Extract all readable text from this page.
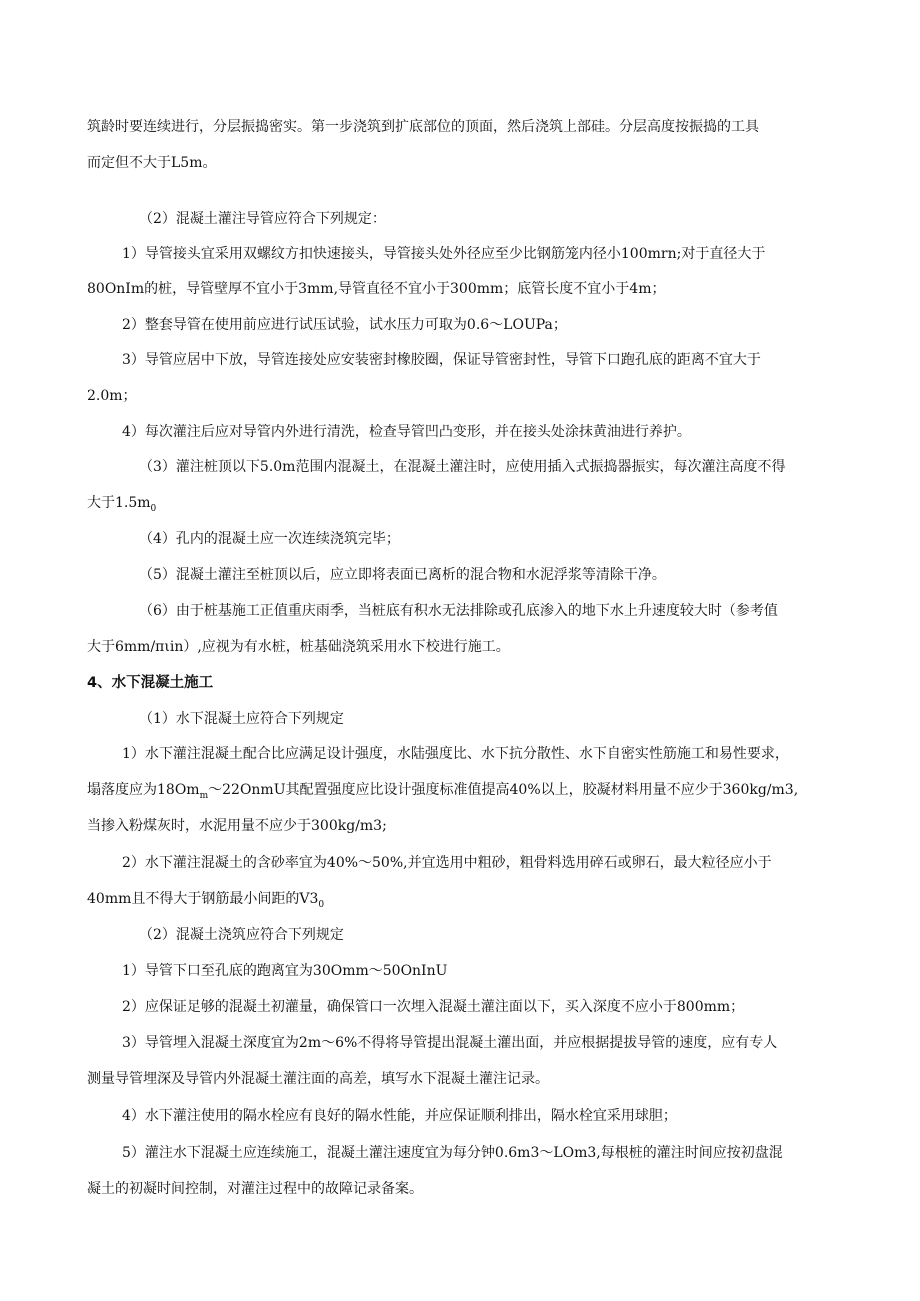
筑龄时要连续进行，分层振捣密实。第一步浇筑到扩底部位的顶面，然后浇筑上部硅。分层高度按振捣的工具
而定但不大于L5m。
（2）混凝土灌注导管应符合下列规定：
1）导管接头宜采用双螺纹方扣快速接头，导管接头处外径应至少比钢筋笼内径小100mrn;对于直径大于
80OnIm的桩，导管壁厚不宜小于3mm,导管直径不宜小于300mm；底管长度不宜小于4m；
2）整套导管在使用前应进行试压试验，试水压力可取为0.6～LOUPa；
3）导管应居中下放，导管连接处应安装密封橡胶圈，保证导管密封性，导管下口跑孔底的距离不宜大于
2.0m；
4）每次灌注后应对导管内外进行清洗，检查导管凹凸变形，并在接头处涂抹黄油进行养护。
（3）灌注桩顶以下5.0m范围内混凝土，在混凝土灌注时，应使用插入式振捣器振实，每次灌注高度不得
大于$1.5m_0$
（4）孔内的混凝土应一次连续浇筑完毕；
（5）混凝土灌注至桩顶以后，应立即将表面已离析的混合物和水泥浮浆等清除干净。
（6）由于桩基施工正值重庆雨季，当桩底有积水无法排除或孔底渗入的地下水上升速度较大时（参考值
大于6mm/πιin）,应视为有水桩，桩基础浇筑采用水下校进行施工。
4、水下混凝土施工
（1）水下混凝土应符合下列规定
1）水下灌注混凝土配合比应满足设计强度，水陆强度比、水下抗分散性、水下自密实性筋施工和易性要求，
塌落度应为$18Om_m\sim 22OnmU$其配置强度应比设计强度标准值提高40%以上，胶凝材料用量不应少于360kg∕m3,
当掺入粉煤灰时，水泥用量不应少于300kg∕m3;
2）水下灌注混凝土的含砂率宜为40%～50%,并宜选用中粗砂，粗骨料选用碎石或卵石，最大粒径应小于
40mm且不得大于钢筋最小间距的$V3_0$
（2）混凝土浇筑应符合下列规定
1）导管下口至孔底的跑离宜为30Omm～50OnInU
2）应保证足够的混凝土初灌量，确保管口一次埋入混凝土灌注面以下，买入深度不应小于800mm；
3）导管埋入混凝土深度宜为2m～6%不得将导管提出混凝土灌出面，并应根据提拔导管的速度，应有专人
测量导管埋深及导管内外混凝土灌注面的高差，填写水下混凝土灌注记录。
4）水下灌注使用的隔水栓应有良好的隔水性能，并应保证顺利排出，隔水栓宜采用球胆；
5）灌注水下混凝土应连续施工，混凝土灌注速度宜为每分钟0.6m3～LOm3,每根桩的灌注时间应按初盘混
凝土的初凝时间控制，对灌注过程中的故障记录备案。
